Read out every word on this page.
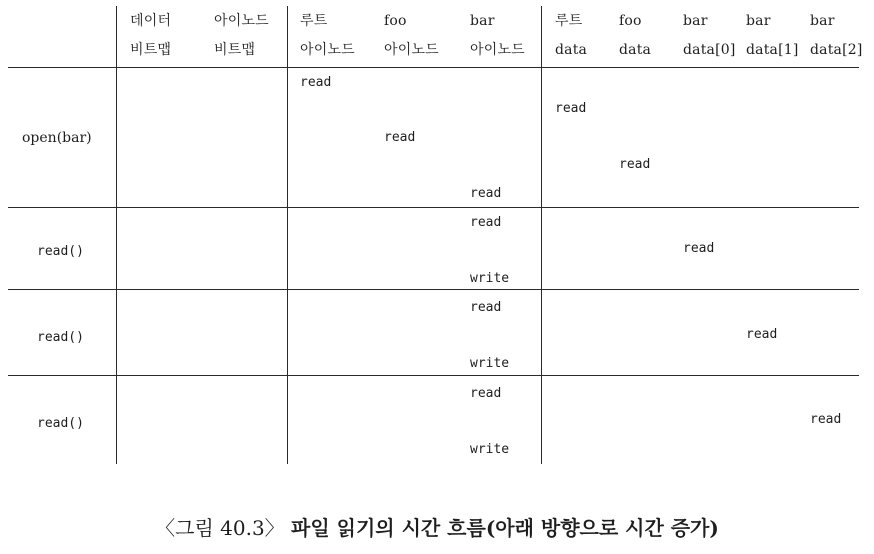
데이터
비트맵
아이노드
비트맵
루트
아이노드
foo
아이노드
bar
아이노드
루트
data
foo
data
bar
data[0]
bar
data[1]
bar
data[2]
open(bar)
read
read
read
read
read
read()
read
read
write
read()
read
read
write
read()
read
read
write
〈그림 40.3〉 파일 읽기의 시간 흐름(아래 방향으로 시간 증가)
